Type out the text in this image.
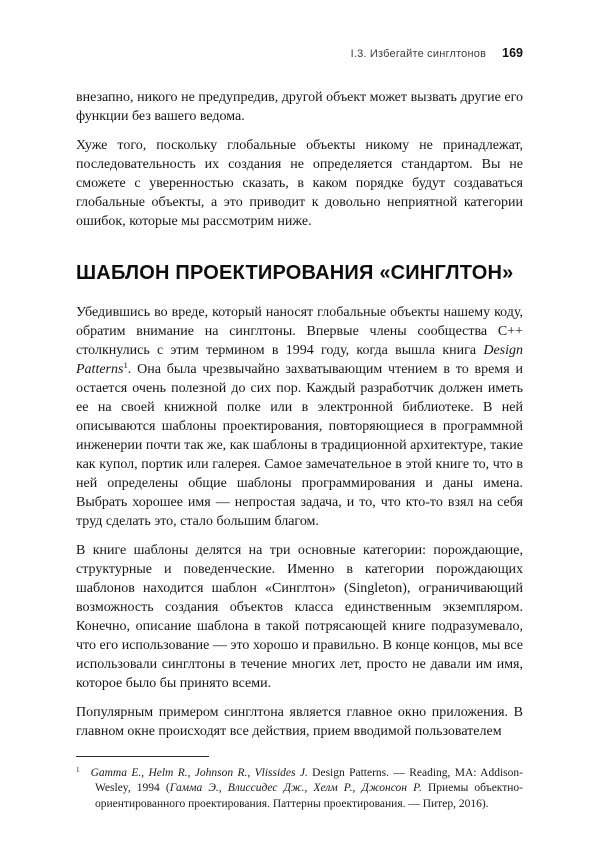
I.3. Избегайте синглтонов 169

внезапно, никого не предупредив, другой объект может вызвать другие его функции без вашего ведома.

Хуже того, поскольку глобальные объекты никому не принадлежат, последовательность их создания не определяется стандартом. Вы не сможете с уверенностью сказать, в каком порядке будут создаваться глобальные объекты, а это приводит к довольно неприятной категории ошибок, которые мы рассмотрим ниже.

ШАБЛОН ПРОЕКТИРОВАНИЯ «СИНГЛТОН»

Убедившись во вреде, который наносят глобальные объекты нашему коду, обратим внимание на синглтоны. Впервые члены сообщества C++ столкнулись с этим термином в 1994 году, когда вышла книга Design Patterns$^1$. Она была чрезвычайно захватывающим чтением в то время и остается очень полезной до сих пор. Каждый разработчик должен иметь ее на своей книжной полке или в электронной библиотеке. В ней описываются шаблоны проектирования, повторяющиеся в программной инженерии почти так же, как шаблоны в традиционной архитектуре, такие как купол, портик или галерея. Самое замечательное в этой книге то, что в ней определены общие шаблоны программирования и даны имена. Выбрать хорошее имя — непростая задача, и то, что кто-то взял на себя труд сделать это, стало большим благом.

В книге шаблоны делятся на три основные категории: порождающие, структурные и поведенческие. Именно в категории порождающих шаблонов находится шаблон «Синглтон» (Singleton), ограничивающий возможность создания объектов класса единственным экземпляром. Конечно, описание шаблона в такой потрясающей книге подразумевало, что его использование — это хорошо и правильно. В конце концов, мы все использовали синглтоны в течение многих лет, просто не давали им имя, которое было бы принято всеми.

Популярным примером синглтона является главное окно приложения. В главном окне происходят все действия, прием вводимой пользователем

$^1$ Gamma E., Helm R., Johnson R., Vlissides J. Design Patterns. — Reading, MA: Addison-Wesley, 1994 (Гамма Э., Влиссидес Дж., Хелм Р., Джонсон Р. Приемы объектно-ориентированного проектирования. Паттерны проектирования. — Питер, 2016).
